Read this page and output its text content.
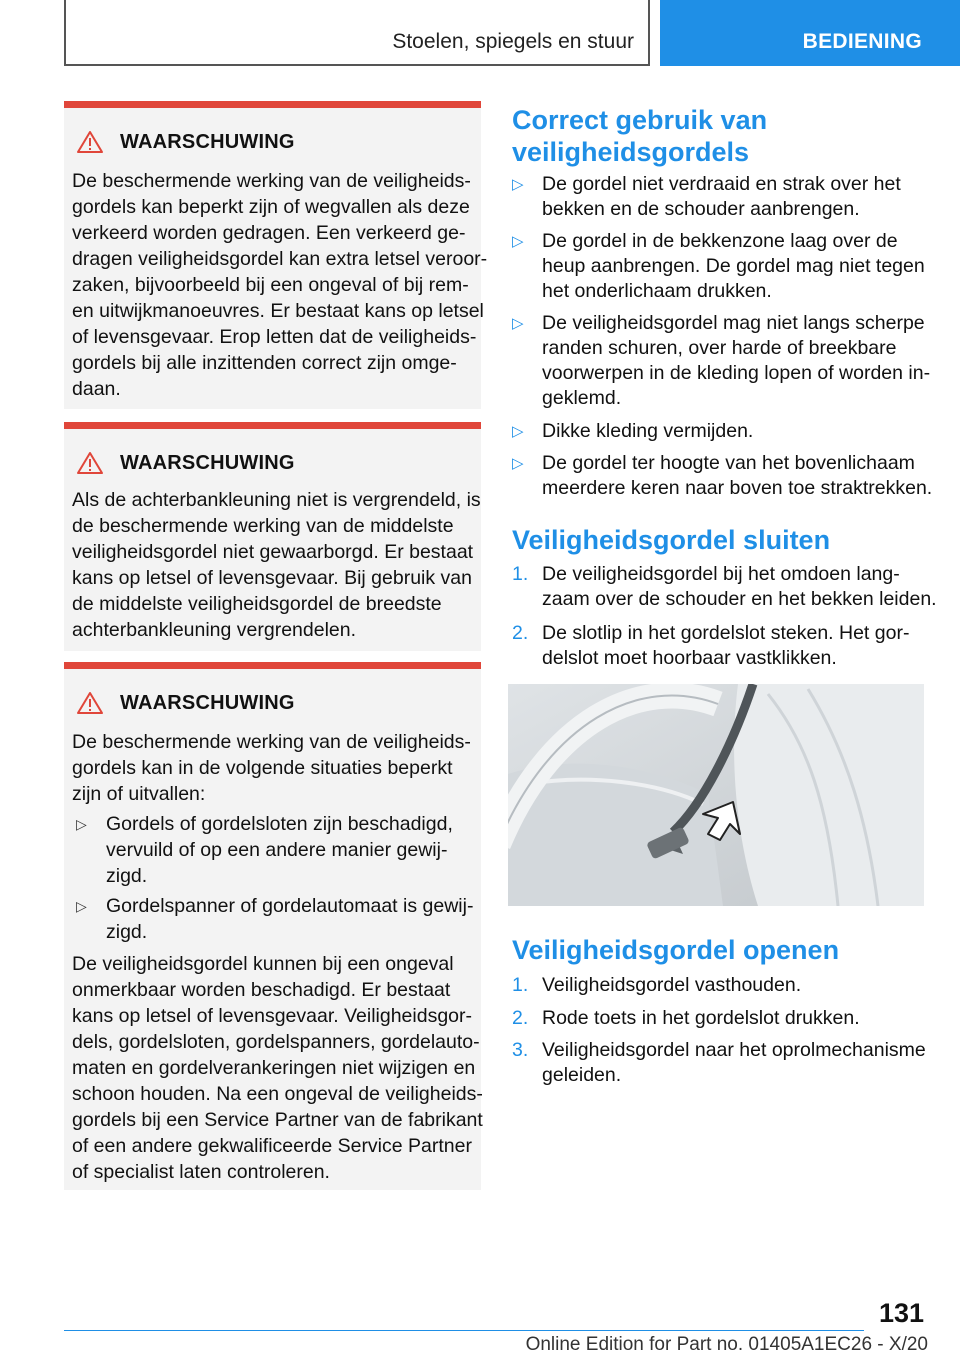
Stoelen, spiegels en stuur	BEDIENING
WAARSCHUWING
De beschermende werking van de veiligheids-
gordels kan beperkt zijn of wegvallen als deze
verkeerd worden gedragen. Een verkeerd ge-
dragen veiligheidsgordel kan extra letsel veroor-
zaken, bijvoorbeeld bij een ongeval of bij rem-
en uitwijkmanoeuvres. Er bestaat kans op letsel
of levensgevaar. Erop letten dat de veiligheids-
gordels bij alle inzittenden correct zijn omge-
daan.
WAARSCHUWING
Als de achterbankleuning niet is vergrendeld, is
de beschermende werking van de middelste
veiligheidsgordel niet gewaarborgd. Er bestaat
kans op letsel of levensgevaar. Bij gebruik van
de middelste veiligheidsgordel de breedste
achterbankleuning vergrendelen.
WAARSCHUWING
De beschermende werking van de veiligheids-
gordels kan in de volgende situaties beperkt
zijn of uitvallen:
▷ Gordels of gordelsloten zijn beschadigd,
vervuild of op een andere manier gewij-
zigd.
▷ Gordelspanner of gordelautomaat is gewij-
zigd.
De veiligheidsgordel kunnen bij een ongeval
onmerkbaar worden beschadigd. Er bestaat
kans op letsel of levensgevaar. Veiligheidsgor-
dels, gordelsloten, gordelspanners, gordelauto-
maten en gordelverankeringen niet wijzigen en
schoon houden. Na een ongeval de veiligheids-
gordels bij een Service Partner van de fabrikant
of een andere gekwalificeerde Service Partner
of specialist laten controleren.
Correct gebruik van
veiligheidsgordels
▷ De gordel niet verdraaid en strak over het
bekken en de schouder aanbrengen.
▷ De gordel in de bekkenzone laag over de
heup aanbrengen. De gordel mag niet tegen
het onderlichaam drukken.
▷ De veiligheidsgordel mag niet langs scherpe
randen schuren, over harde of breekbare
voorwerpen in de kleding lopen of worden in-
geklemd.
▷ Dikke kleding vermijden.
▷ De gordel ter hoogte van het bovenlichaam
meerdere keren naar boven toe straktrekken.
Veiligheidsgordel sluiten
1. De veiligheidsgordel bij het omdoen lang-
zaam over de schouder en het bekken leiden.
2. De slotlip in het gordelslot steken. Het gor-
delslot moet hoorbaar vastklikken.
Veiligheidsgordel openen
1. Veiligheidsgordel vasthouden.
2. Rode toets in het gordelslot drukken.
3. Veiligheidsgordel naar het oprolmechanisme
geleiden.
131
Online Edition for Part no. 01405A1EC26 - X/20
